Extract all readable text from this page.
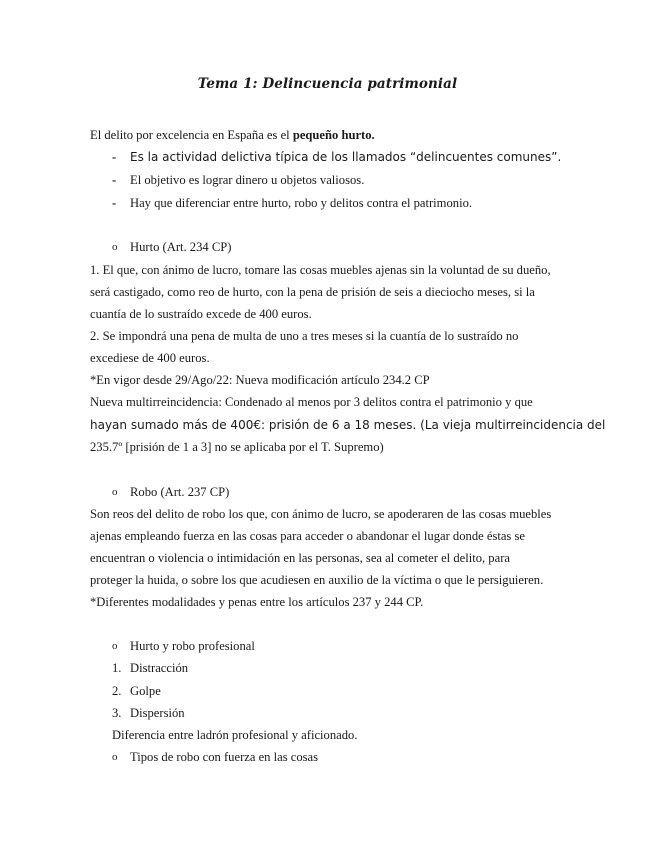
Tema 1: Delincuencia patrimonial
El delito por excelencia en España es el pequeño hurto.
- Es la actividad delictiva típica de los llamados “delincuentes comunes”.
- El objetivo es lograr dinero u objetos valiosos.
- Hay que diferenciar entre hurto, robo y delitos contra el patrimonio.
o Hurto (Art. 234 CP)
1. El que, con ánimo de lucro, tomare las cosas muebles ajenas sin la voluntad de su dueño,
será castigado, como reo de hurto, con la pena de prisión de seis a dieciocho meses, si la
cuantía de lo sustraído excede de 400 euros.
2. Se impondrá una pena de multa de uno a tres meses si la cuantía de lo sustraído no
excediese de 400 euros.
*En vigor desde 29/Ago/22: Nueva modificación artículo 234.2 CP
Nueva multirreincidencia: Condenado al menos por 3 delitos contra el patrimonio y que
hayan sumado más de 400€: prisión de 6 a 18 meses. (La vieja multirreincidencia del
235.7º [prisión de 1 a 3] no se aplicaba por el T. Supremo)
o Robo (Art. 237 CP)
Son reos del delito de robo los que, con ánimo de lucro, se apoderaren de las cosas muebles
ajenas empleando fuerza en las cosas para acceder o abandonar el lugar donde éstas se
encuentran o violencia o intimidación en las personas, sea al cometer el delito, para
proteger la huida, o sobre los que acudiesen en auxilio de la víctima o que le persiguieren.
*Diferentes modalidades y penas entre los artículos 237 y 244 CP.
o Hurto y robo profesional
1. Distracción
2. Golpe
3. Dispersión
Diferencia entre ladrón profesional y aficionado.
o Tipos de robo con fuerza en las cosas
